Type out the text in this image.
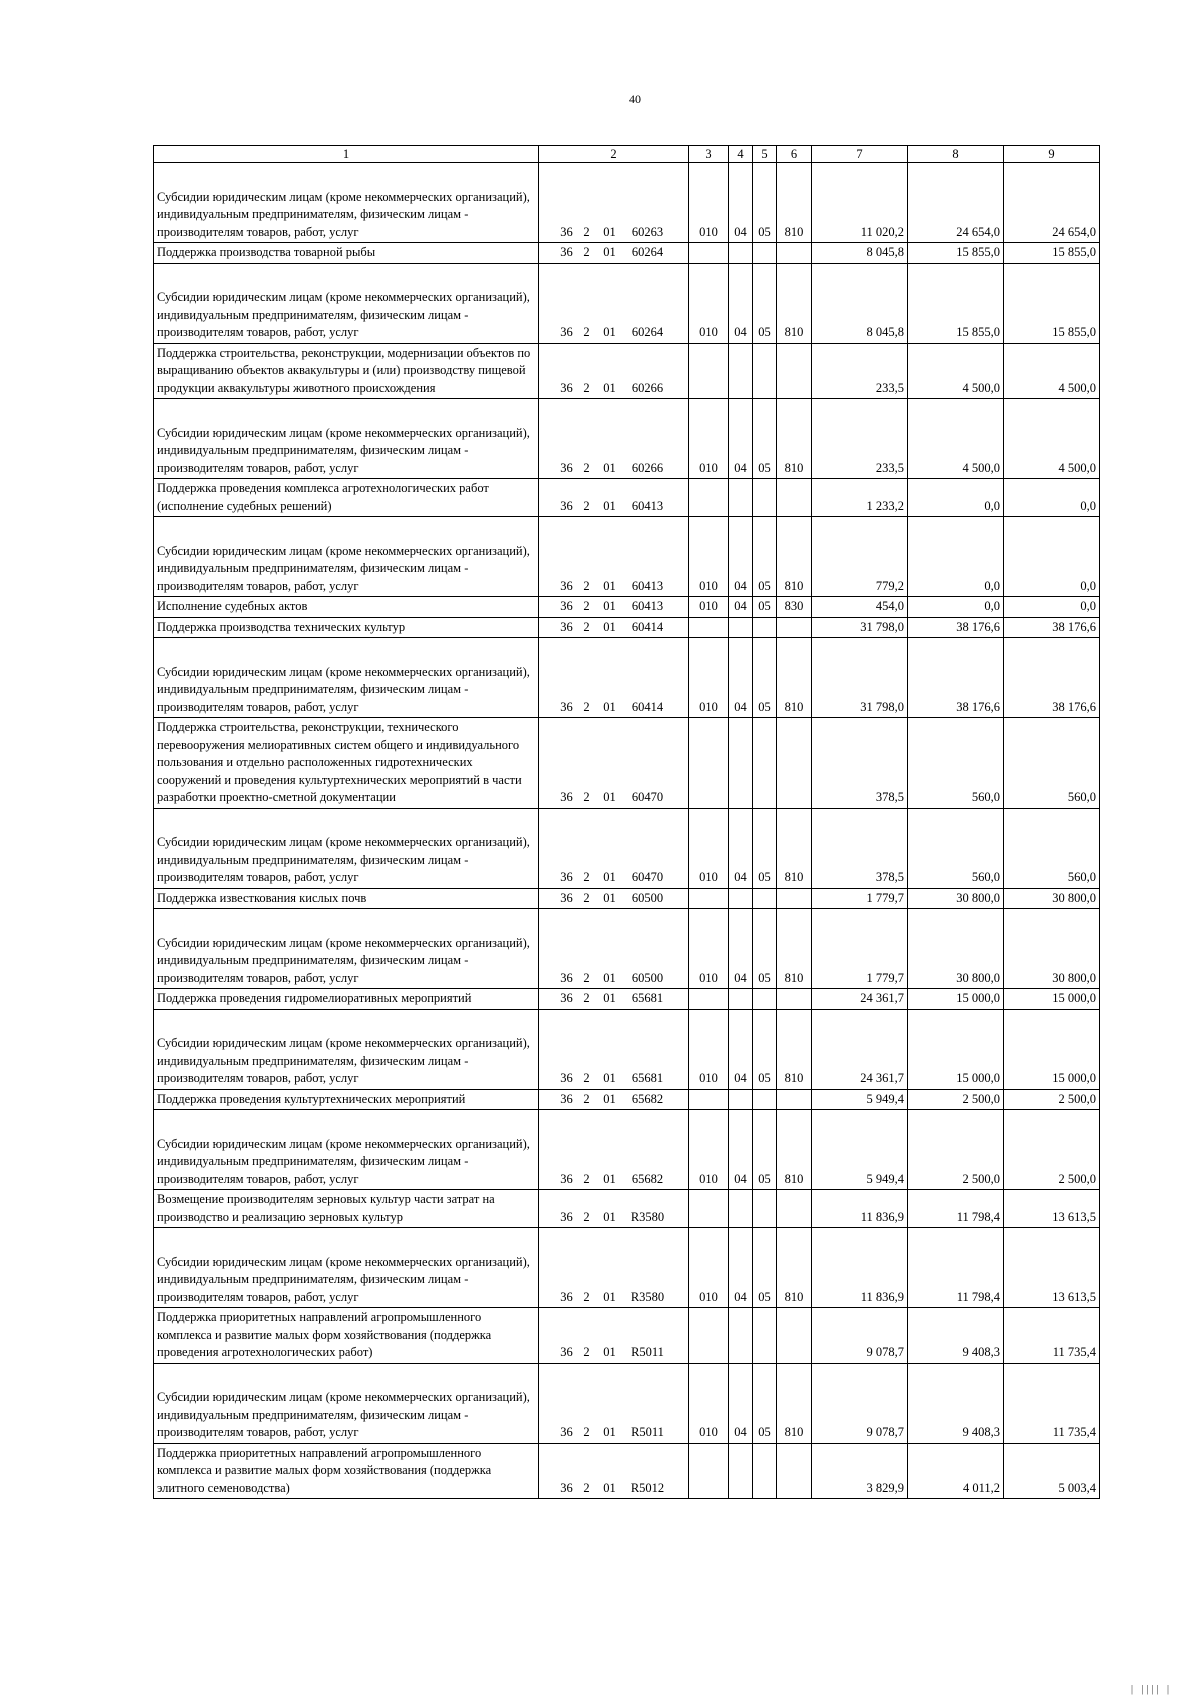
40
1	2	3	4	5	6	7	8	9
Субсидии юридическим лицам (кроме некоммерческих организаций), индивидуальным предпринимателям, физическим лицам - производителям товаров, работ, услуг	36 2 01 60263	010	04	05	810	11 020,2	24 654,0	24 654,0
Поддержка производства товарной рыбы	36 2 01 60264					8 045,8	15 855,0	15 855,0
Субсидии юридическим лицам (кроме некоммерческих организаций), индивидуальным предпринимателям, физическим лицам - производителям товаров, работ, услуг	36 2 01 60264	010	04	05	810	8 045,8	15 855,0	15 855,0
Поддержка строительства, реконструкции, модернизации объектов по выращиванию объектов аквакультуры и (или) производству пищевой продукции аквакультуры животного происхождения	36 2 01 60266					233,5	4 500,0	4 500,0
Субсидии юридическим лицам (кроме некоммерческих организаций), индивидуальным предпринимателям, физическим лицам - производителям товаров, работ, услуг	36 2 01 60266	010	04	05	810	233,5	4 500,0	4 500,0
Поддержка проведения комплекса агротехнологических работ (исполнение судебных решений)	36 2 01 60413					1 233,2	0,0	0,0
Субсидии юридическим лицам (кроме некоммерческих организаций), индивидуальным предпринимателям, физическим лицам - производителям товаров, работ, услуг	36 2 01 60413	010	04	05	810	779,2	0,0	0,0
Исполнение судебных актов	36 2 01 60413	010	04	05	830	454,0	0,0	0,0
Поддержка производства технических культур	36 2 01 60414					31 798,0	38 176,6	38 176,6
Субсидии юридическим лицам (кроме некоммерческих организаций), индивидуальным предпринимателям, физическим лицам - производителям товаров, работ, услуг	36 2 01 60414	010	04	05	810	31 798,0	38 176,6	38 176,6
Поддержка строительства, реконструкции, технического перевооружения мелиоративных систем общего и индивидуального пользования и отдельно расположенных гидротехнических сооружений и проведения культуртехнических мероприятий в части разработки проектно-сметной документации	36 2 01 60470					378,5	560,0	560,0
Субсидии юридическим лицам (кроме некоммерческих организаций), индивидуальным предпринимателям, физическим лицам - производителям товаров, работ, услуг	36 2 01 60470	010	04	05	810	378,5	560,0	560,0
Поддержка известкования кислых почв	36 2 01 60500					1 779,7	30 800,0	30 800,0
Субсидии юридическим лицам (кроме некоммерческих организаций), индивидуальным предпринимателям, физическим лицам - производителям товаров, работ, услуг	36 2 01 60500	010	04	05	810	1 779,7	30 800,0	30 800,0
Поддержка проведения гидромелиоративных мероприятий	36 2 01 65681					24 361,7	15 000,0	15 000,0
Субсидии юридическим лицам (кроме некоммерческих организаций), индивидуальным предпринимателям, физическим лицам - производителям товаров, работ, услуг	36 2 01 65681	010	04	05	810	24 361,7	15 000,0	15 000,0
Поддержка проведения культуртехнических мероприятий	36 2 01 65682					5 949,4	2 500,0	2 500,0
Субсидии юридическим лицам (кроме некоммерческих организаций), индивидуальным предпринимателям, физическим лицам - производителям товаров, работ, услуг	36 2 01 65682	010	04	05	810	5 949,4	2 500,0	2 500,0
Возмещение производителям зерновых культур части затрат на производство и реализацию зерновых культур	36 2 01 R3580					11 836,9	11 798,4	13 613,5
Субсидии юридическим лицам (кроме некоммерческих организаций), индивидуальным предпринимателям, физическим лицам - производителям товаров, работ, услуг	36 2 01 R3580	010	04	05	810	11 836,9	11 798,4	13 613,5
Поддержка приоритетных направлений агропромышленного комплекса и развитие малых форм хозяйствования (поддержка проведения агротехнологических работ)	36 2 01 R5011					9 078,7	9 408,3	11 735,4
Субсидии юридическим лицам (кроме некоммерческих организаций), индивидуальным предпринимателям, физическим лицам - производителям товаров, работ, услуг	36 2 01 R5011	010	04	05	810	9 078,7	9 408,3	11 735,4
Поддержка приоритетных направлений агропромышленного комплекса и развитие малых форм хозяйствования (поддержка элитного семеноводства)	36 2 01 R5012					3 829,9	4 011,2	5 003,4
| |||| |
